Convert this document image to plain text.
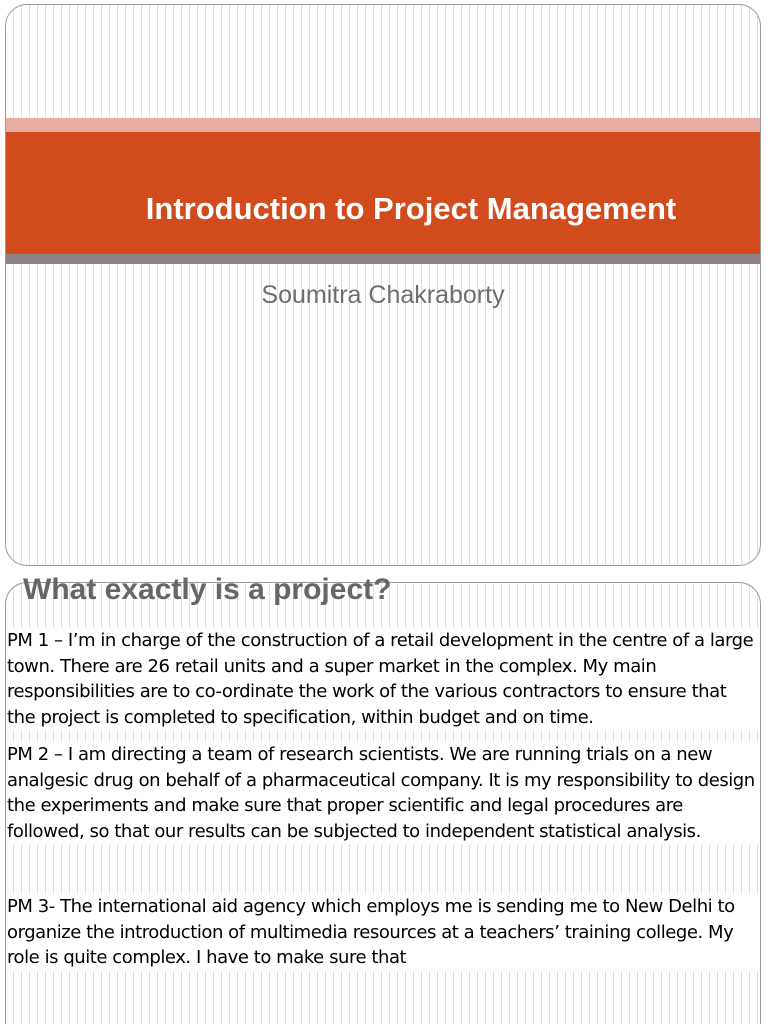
Introduction to Project Management
Soumitra Chakraborty
What exactly is a project?

PM 1 – I’m in charge of the construction of a retail development in the centre of a large town. There are 26 retail units and a super market in the complex. My main responsibilities are to co-ordinate the work of the various contractors to ensure that the project is completed to specification, within budget and on time.

PM 2 – I am directing a team of research scientists. We are running trials on a new analgesic drug on behalf of a pharmaceutical company. It is my responsibility to design the experiments and make sure that proper scientific and legal procedures are followed, so that our results can be subjected to independent statistical analysis.

PM 3- The international aid agency which employs me is sending me to New Delhi to organize the introduction of multimedia resources at a teachers’ training college. My role is quite complex. I have to make sure that
